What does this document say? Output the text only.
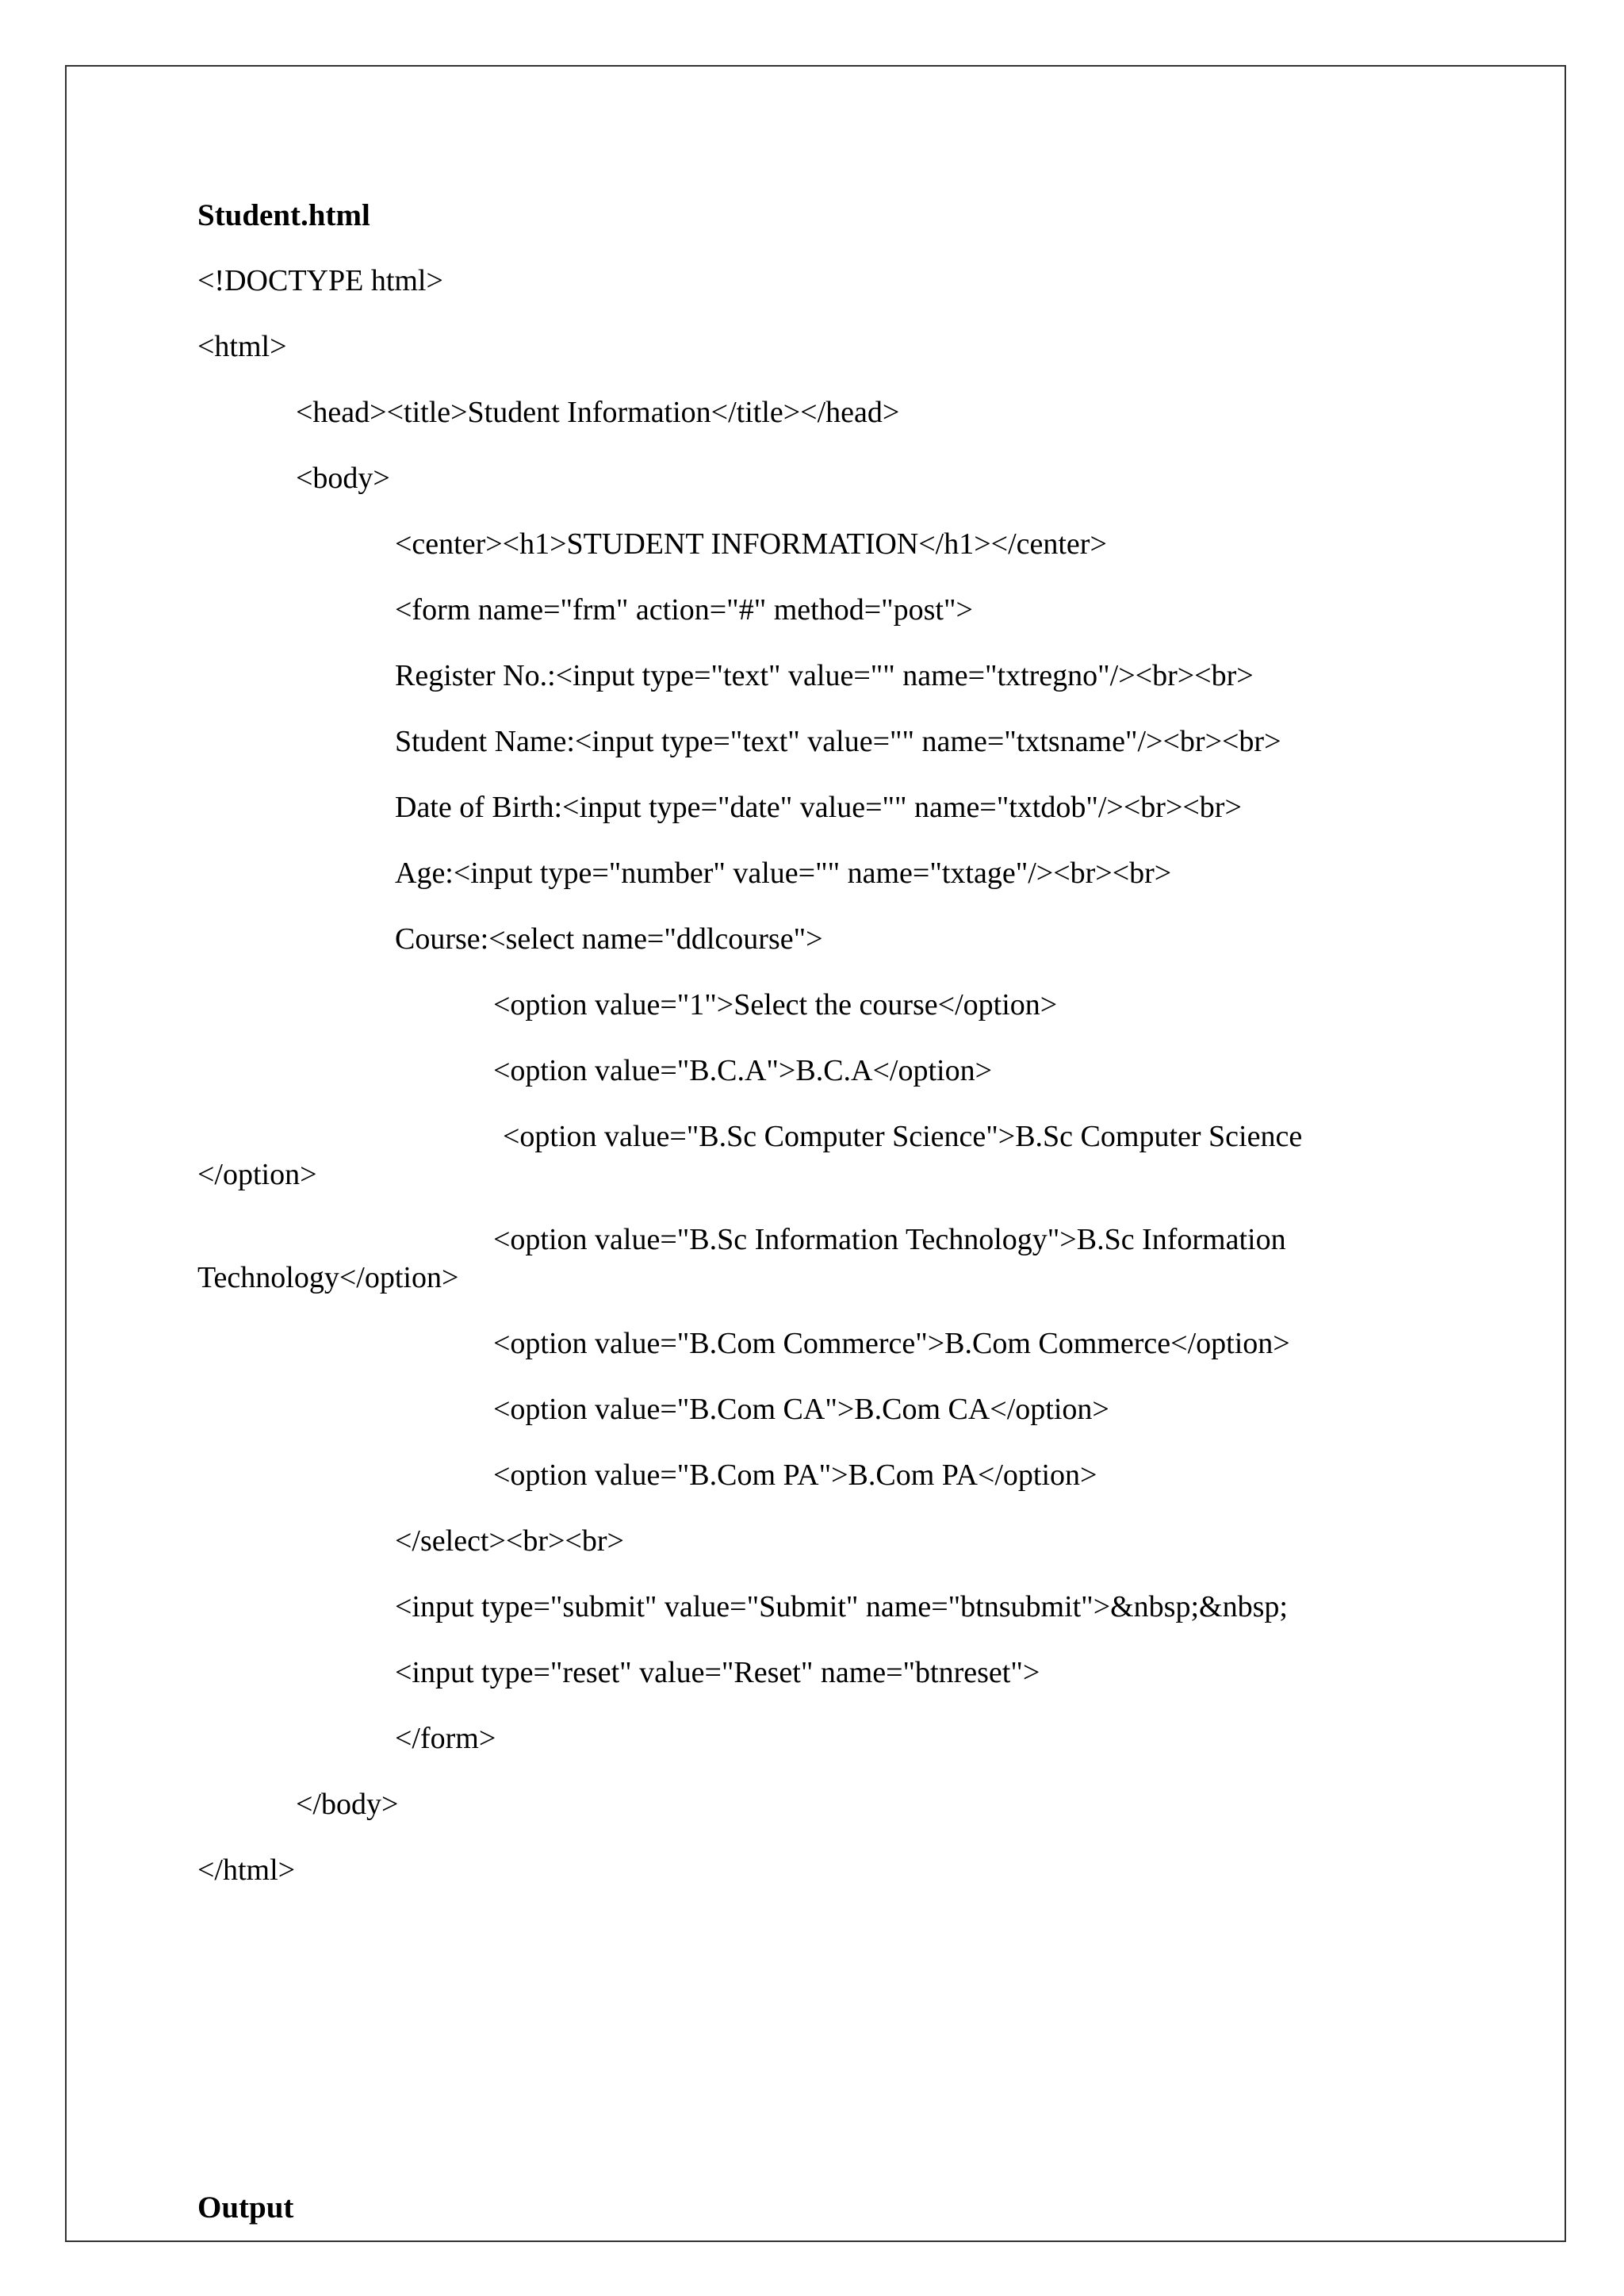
Student.html
<!DOCTYPE html>
<html>
<head><title>Student Information</title></head>
<body>
<center><h1>STUDENT INFORMATION</h1></center>
<form name="frm" action="#" method="post">
Register No.:<input type="text" value="" name="txtregno"/><br><br>
Student Name:<input type="text" value="" name="txtsname"/><br><br>
Date of Birth:<input type="date" value="" name="txtdob"/><br><br>
Age:<input type="number" value="" name="txtage"/><br><br>
Course:<select name="ddlcourse">
<option value="1">Select the course</option>
<option value="B.C.A">B.C.A</option>
<option value="B.Sc Computer Science">B.Sc Computer Science
</option>
<option value="B.Sc Information Technology">B.Sc Information
Technology</option>
<option value="B.Com Commerce">B.Com Commerce</option>
<option value="B.Com CA">B.Com CA</option>
<option value="B.Com PA">B.Com PA</option>
</select><br><br>
<input type="submit" value="Submit" name="btnsubmit">&nbsp;&nbsp;
<input type="reset" value="Reset" name="btnreset">
</form>
</body>
</html>
Output
